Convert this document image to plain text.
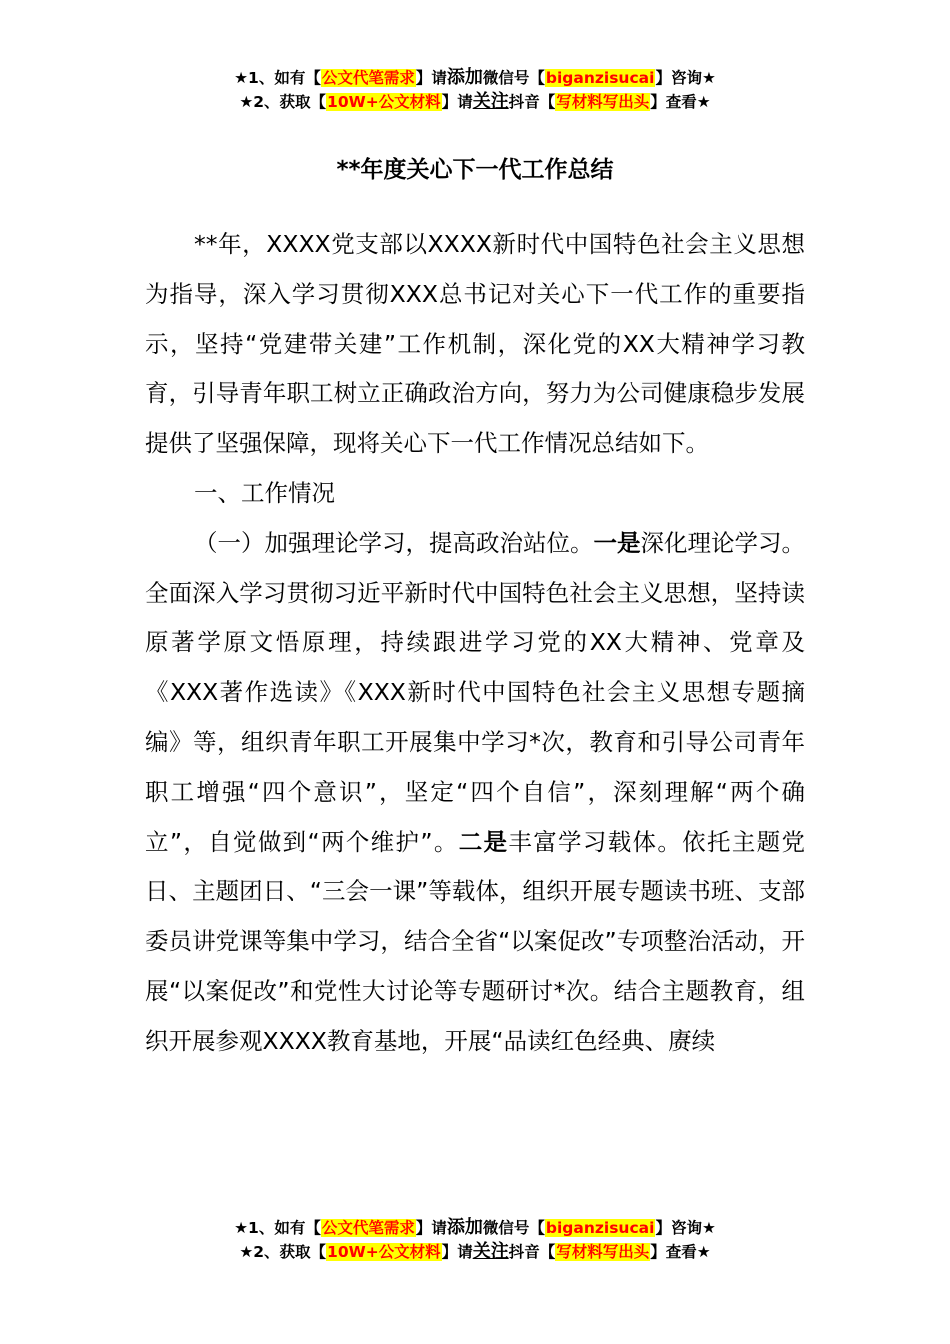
★1、如有【公文代笔需求】请添加微信号【biganzisucai】咨询★
★2、获取【10W+公文材料】请关注抖音【写材料写出头】查看★
**年度关心下一代工作总结

**年，XXXX党支部以XXXX新时代中国特色社会主义思想为指导，深入学习贯彻XXX总书记对关心下一代工作的重要指示，坚持“党建带关建”工作机制，深化党的XX大精神学习教育，引导青年职工树立正确政治方向，努力为公司健康稳步发展提供了坚强保障，现将关心下一代工作情况总结如下。

一、工作情况

（一）加强理论学习，提高政治站位。一是深化理论学习。全面深入学习贯彻习近平新时代中国特色社会主义思想，坚持读原著学原文悟原理，持续跟进学习党的XX大精神、党章及《XXX著作选读》《XXX新时代中国特色社会主义思想专题摘编》等，组织青年职工开展集中学习*次，教育和引导公司青年职工增强“四个意识”，坚定“四个自信”，深刻理解“两个确立”，自觉做到“两个维护”。二是丰富学习载体。依托主题党日、主题团日、“三会一课”等载体，组织开展专题读书班、支部委员讲党课等集中学习，结合全省“以案促改”专项整治活动，开展“以案促改”和党性大讨论等专题研讨*次。结合主题教育，组织开展参观XXXX教育基地，开展“品读红色经典、赓续

★1、如有【公文代笔需求】请添加微信号【biganzisucai】咨询★
★2、获取【10W+公文材料】请关注抖音【写材料写出头】查看★
